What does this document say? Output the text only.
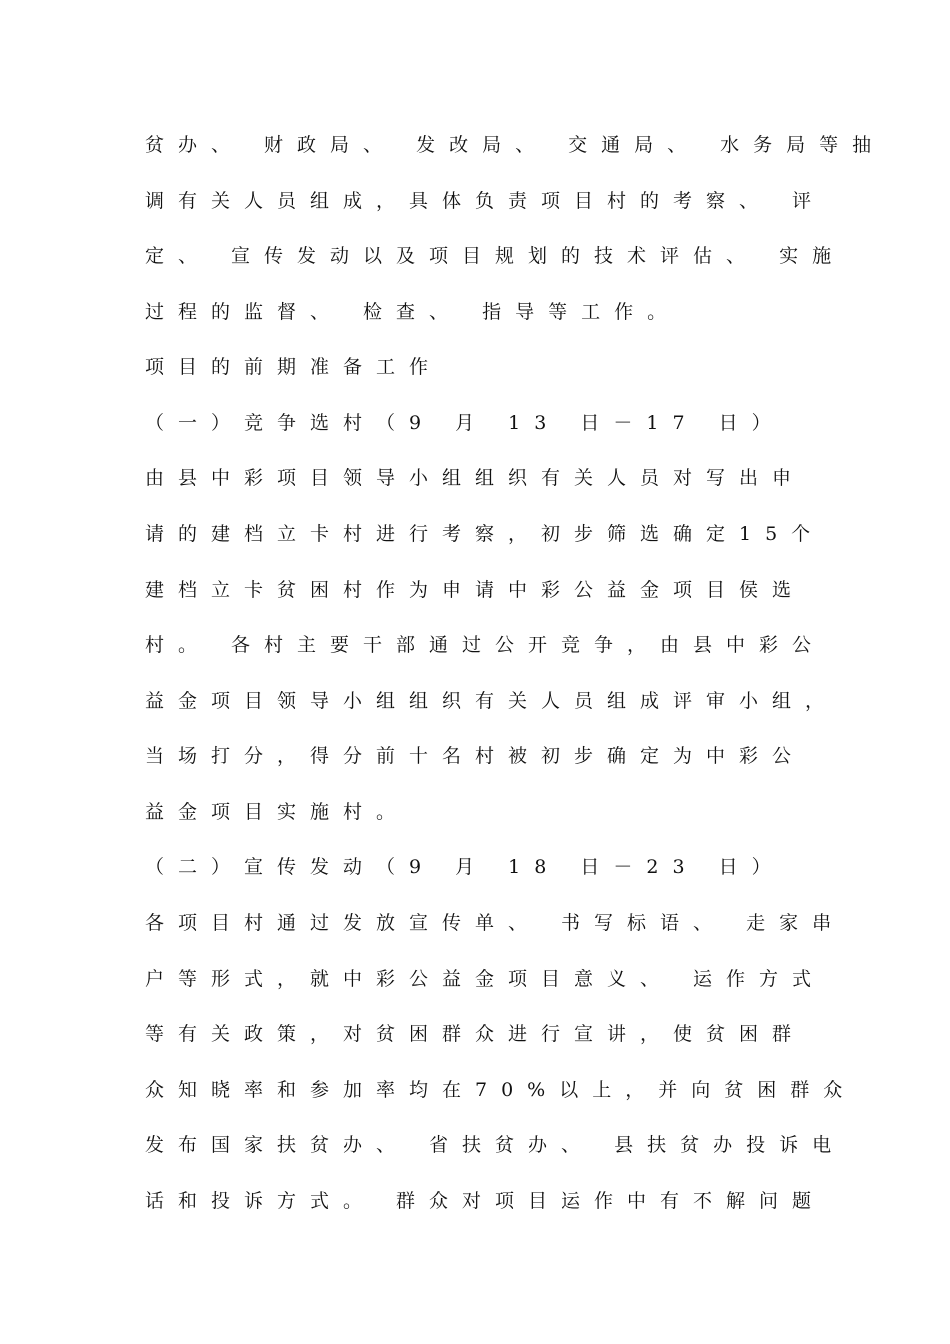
贫办、 财政局、 发改局、 交通局、 水务局等抽
调有关人员组成，具体负责项目村的考察、 评
定、 宣传发动以及项目规划的技术评估、 实施
过程的监督、 检查、 指导等工作。
项目的前期准备工作
（一）竞争选村（9 月 13 日－17 日）
由县中彩项目领导小组组织有关人员对写出申
请的建档立卡村进行考察，初步筛选确定15个
建档立卡贫困村作为申请中彩公益金项目侯选
村。 各村主要干部通过公开竞争，由县中彩公
益金项目领导小组组织有关人员组成评审小组，
当场打分，得分前十名村被初步确定为中彩公
益金项目实施村。
（二）宣传发动（9 月 18 日－23 日）
各项目村通过发放宣传单、 书写标语、 走家串
户等形式，就中彩公益金项目意义、 运作方式
等有关政策，对贫困群众进行宣讲，使贫困群
众知晓率和参加率均在70%以上，并向贫困群众
发布国家扶贫办、 省扶贫办、 县扶贫办投诉电
话和投诉方式。 群众对项目运作中有不解问题
